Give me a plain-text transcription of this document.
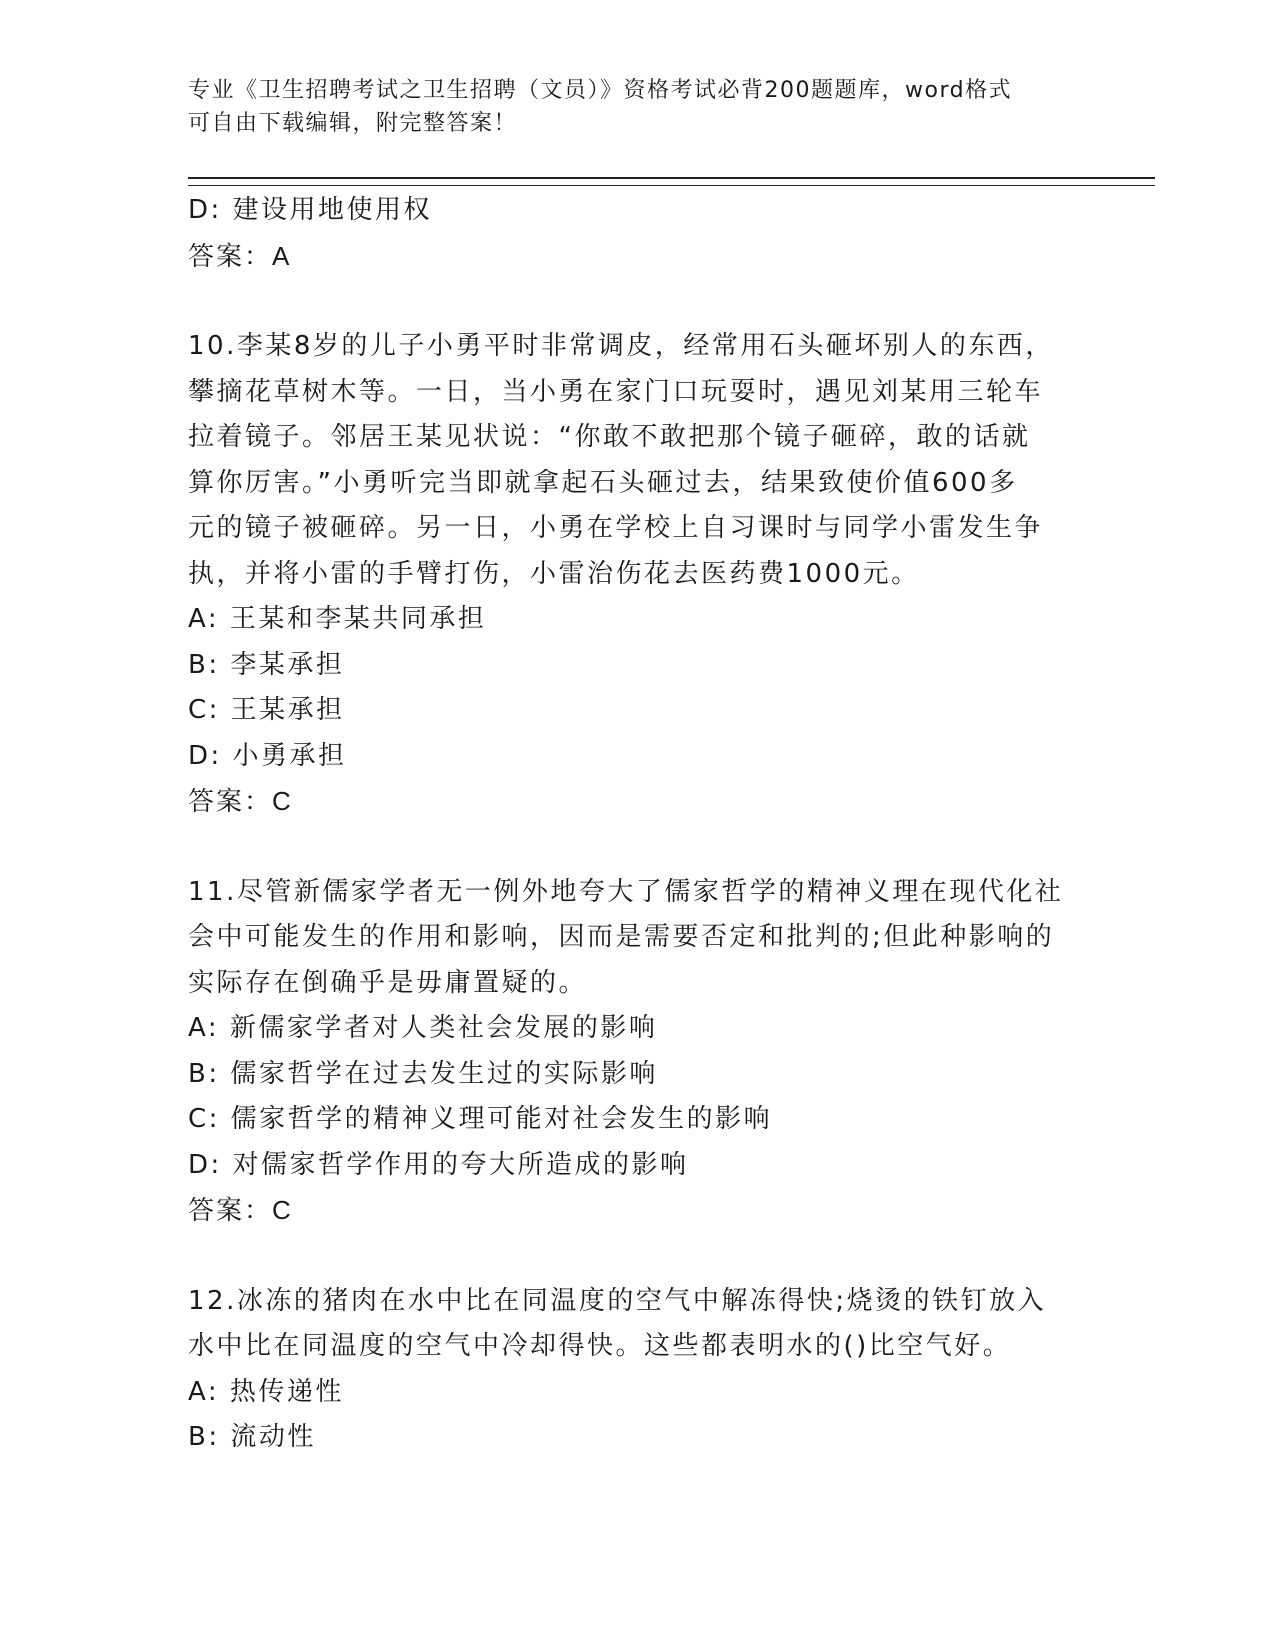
专业《卫生招聘考试之卫生招聘（文员）》资格考试必背200题题库，word格式
可自由下载编辑，附完整答案！
D: 建设用地使用权
答案：A
10.李某8岁的儿子小勇平时非常调皮，经常用石头砸坏别人的东西，
攀摘花草树木等。一日，当小勇在家门口玩耍时，遇见刘某用三轮车
拉着镜子。邻居王某见状说：“你敢不敢把那个镜子砸碎，敢的话就
算你厉害。”小勇听完当即就拿起石头砸过去，结果致使价值600多
元的镜子被砸碎。另一日，小勇在学校上自习课时与同学小雷发生争
执，并将小雷的手臂打伤，小雷治伤花去医药费1000元。
A: 王某和李某共同承担
B: 李某承担
C: 王某承担
D: 小勇承担
答案：C
11.尽管新儒家学者无一例外地夸大了儒家哲学的精神义理在现代化社
会中可能发生的作用和影响，因而是需要否定和批判的;但此种影响的
实际存在倒确乎是毋庸置疑的。
A: 新儒家学者对人类社会发展的影响
B: 儒家哲学在过去发生过的实际影响
C: 儒家哲学的精神义理可能对社会发生的影响
D: 对儒家哲学作用的夸大所造成的影响
答案：C
12.冰冻的猪肉在水中比在同温度的空气中解冻得快;烧烫的铁钉放入
水中比在同温度的空气中冷却得快。这些都表明水的()比空气好。
A: 热传递性
B: 流动性
